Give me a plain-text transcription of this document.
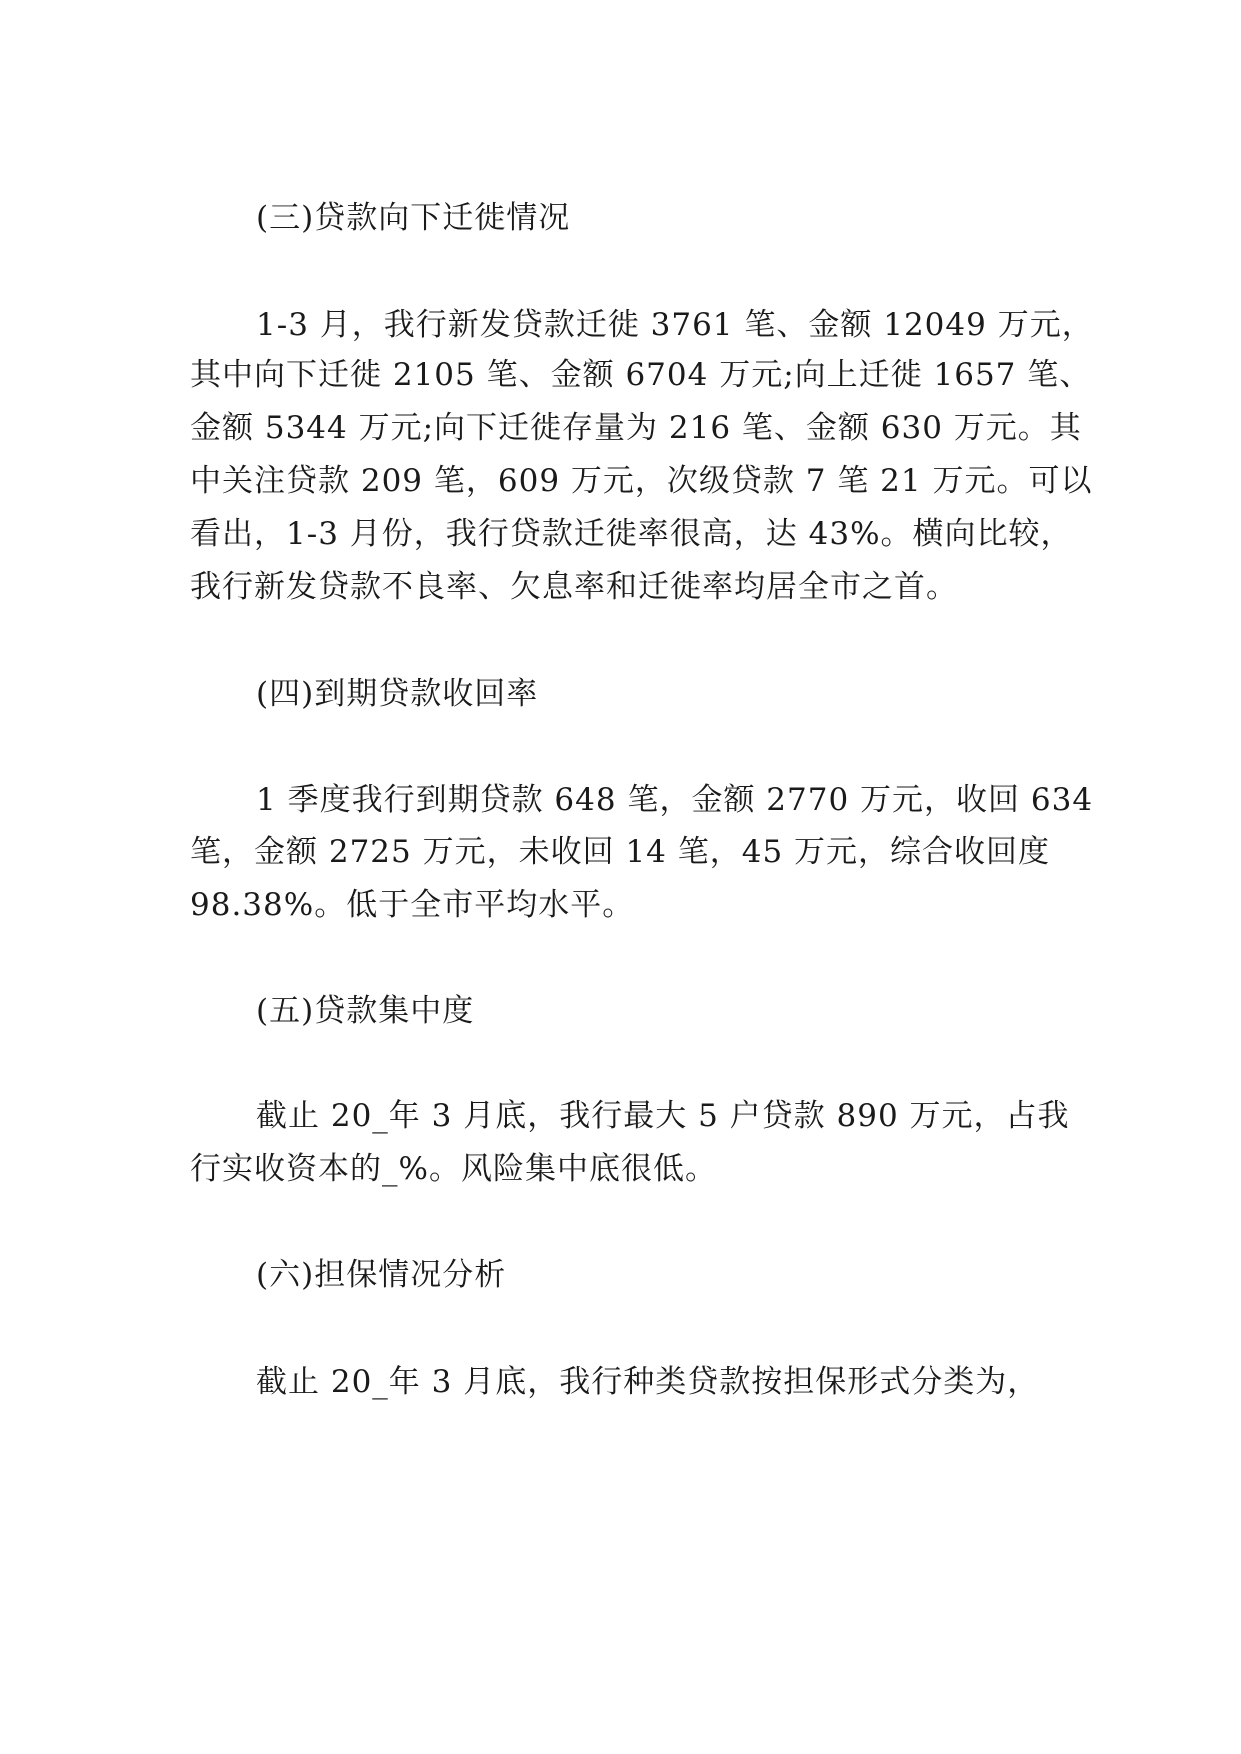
(三)贷款向下迁徙情况
1-3 月，我行新发贷款迁徙 3761 笔、金额 12049 万元，
其中向下迁徙 2105 笔、金额 6704 万元;向上迁徙 1657 笔、
金额 5344 万元;向下迁徙存量为 216 笔、金额 630 万元。其
中关注贷款 209 笔，609 万元，次级贷款 7 笔 21 万元。可以
看出，1-3 月份，我行贷款迁徙率很高，达 43%。横向比较，
我行新发贷款不良率、欠息率和迁徙率均居全市之首。
(四)到期贷款收回率
1 季度我行到期贷款 648 笔，金额 2770 万元，收回 634
笔，金额 2725 万元，未收回 14 笔，45 万元，综合收回度
98.38%。低于全市平均水平。
(五)贷款集中度
截止 20_年 3 月底，我行最大 5 户贷款 890 万元，占我
行实收资本的_%。风险集中底很低。
(六)担保情况分析
截止 20_年 3 月底，我行种类贷款按担保形式分类为，
